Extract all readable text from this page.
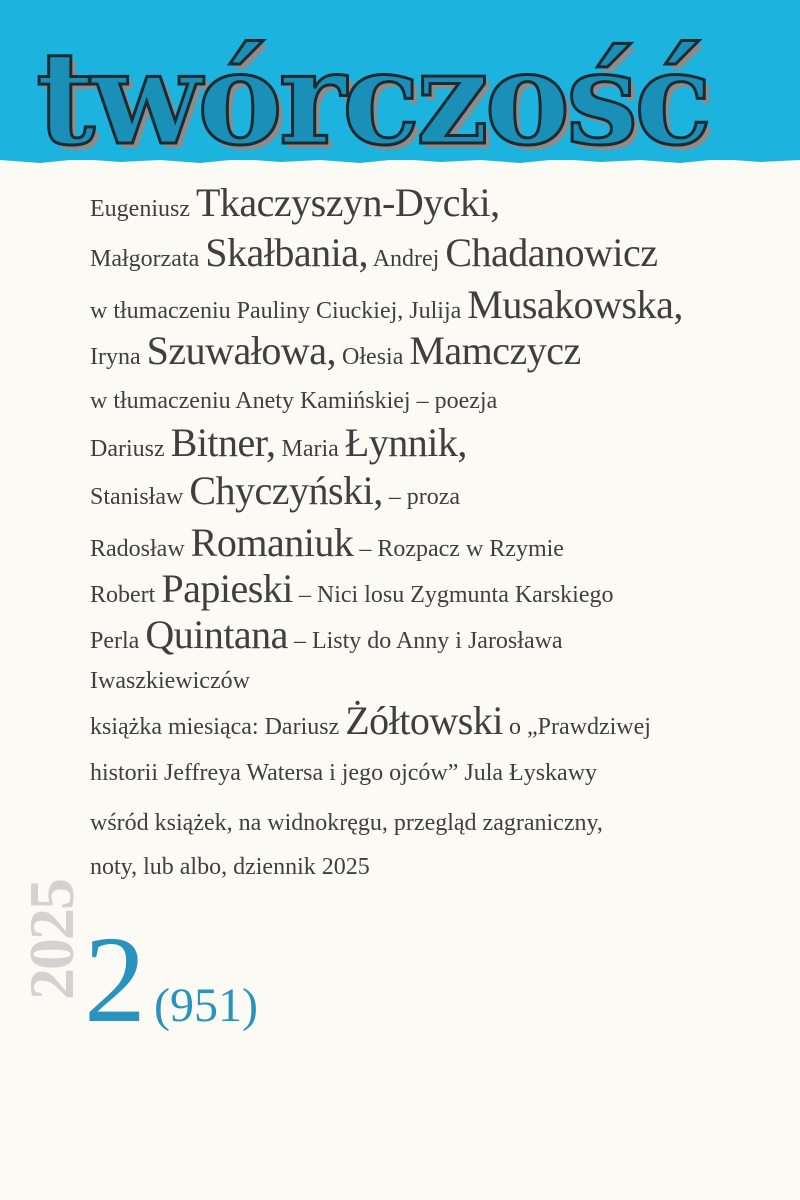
twórczość
Eugeniusz Tkaczyszyn-Dycki,
Małgorzata Skałbania, Andrej Chadanowicz
w tłumaczeniu Pauliny Ciuckiej, Julija Musakowska,
Iryna Szuwałowa, Ołesia Mamczycz
w tłumaczeniu Anety Kamińskiej – poezja
Dariusz Bitner, Maria Łynnik,
Stanisław Chyczyński, – proza
Radosław Romaniuk – Rozpacz w Rzymie
Robert Papieski – Nici losu Zygmunta Karskiego
Perla Quintana – Listy do Anny i Jarosława
Iwaszkiewiczów
książka miesiąca: Dariusz Żółtowski o „Prawdziwej
historii Jeffreya Watersa i jego ojców” Jula Łyskawy
wśród książek, na widnokręgu, przegląd zagraniczny,
noty, lub albo, dziennik 2025
2025
2 (951)
